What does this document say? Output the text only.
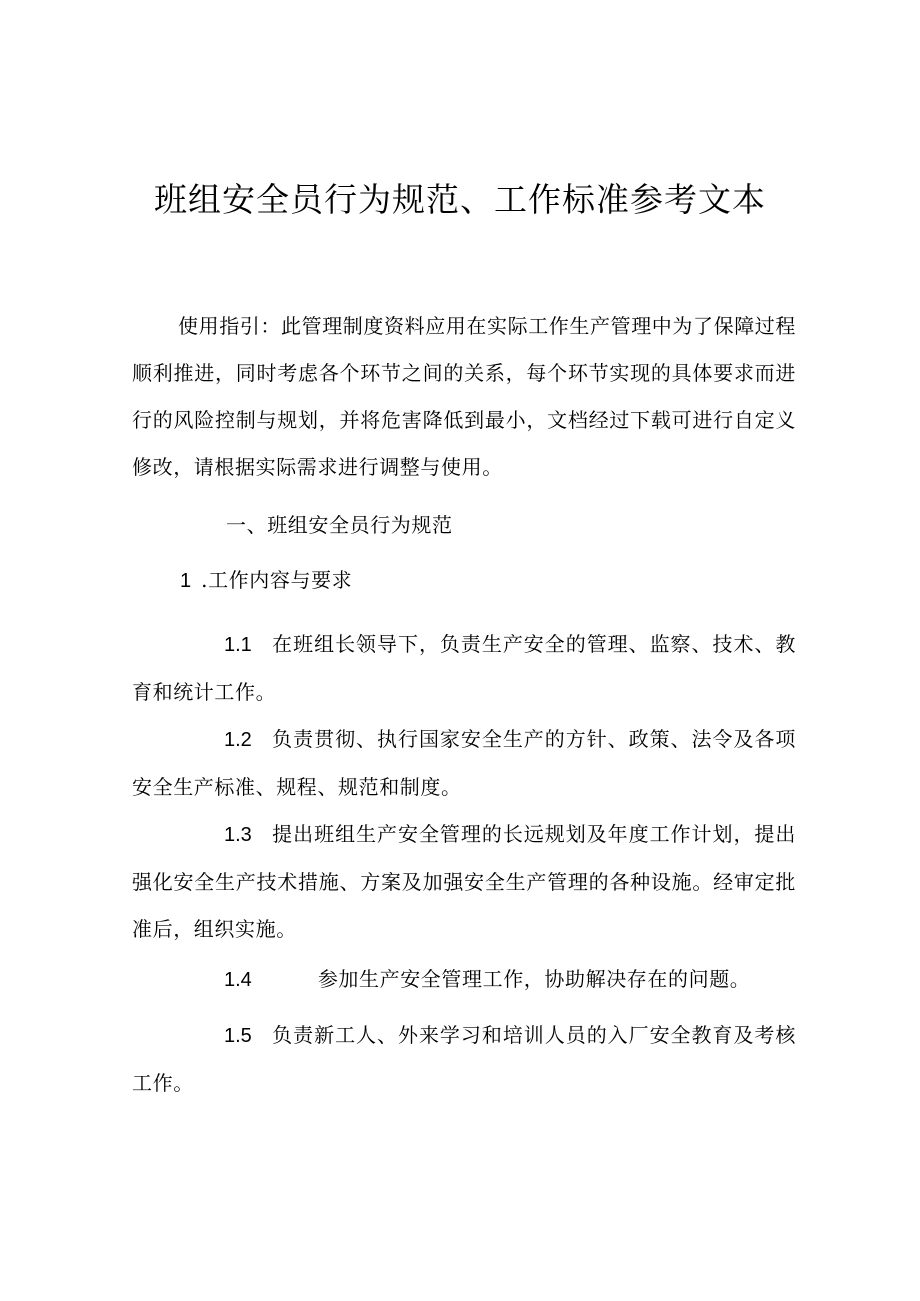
班组安全员行为规范、工作标准参考文本

使用指引：此管理制度资料应用在实际工作生产管理中为了保障过程顺利推进，同时考虑各个环节之间的关系，每个环节实现的具体要求而进行的风险控制与规划，并将危害降低到最小，文档经过下载可进行自定义修改，请根据实际需求进行调整与使用。

一、班组安全员行为规范

1 .工作内容与要求

1.1 在班组长领导下，负责生产安全的管理、监察、技术、教育和统计工作。

1.2 负责贯彻、执行国家安全生产的方针、政策、法令及各项安全生产标准、规程、规范和制度。

1.3 提出班组生产安全管理的长远规划及年度工作计划，提出强化安全生产技术措施、方案及加强安全生产管理的各种设施。经审定批准后，组织实施。

1.4	参加生产安全管理工作，协助解决存在的问题。

1.5 负责新工人、外来学习和培训人员的入厂安全教育及考核工作。
